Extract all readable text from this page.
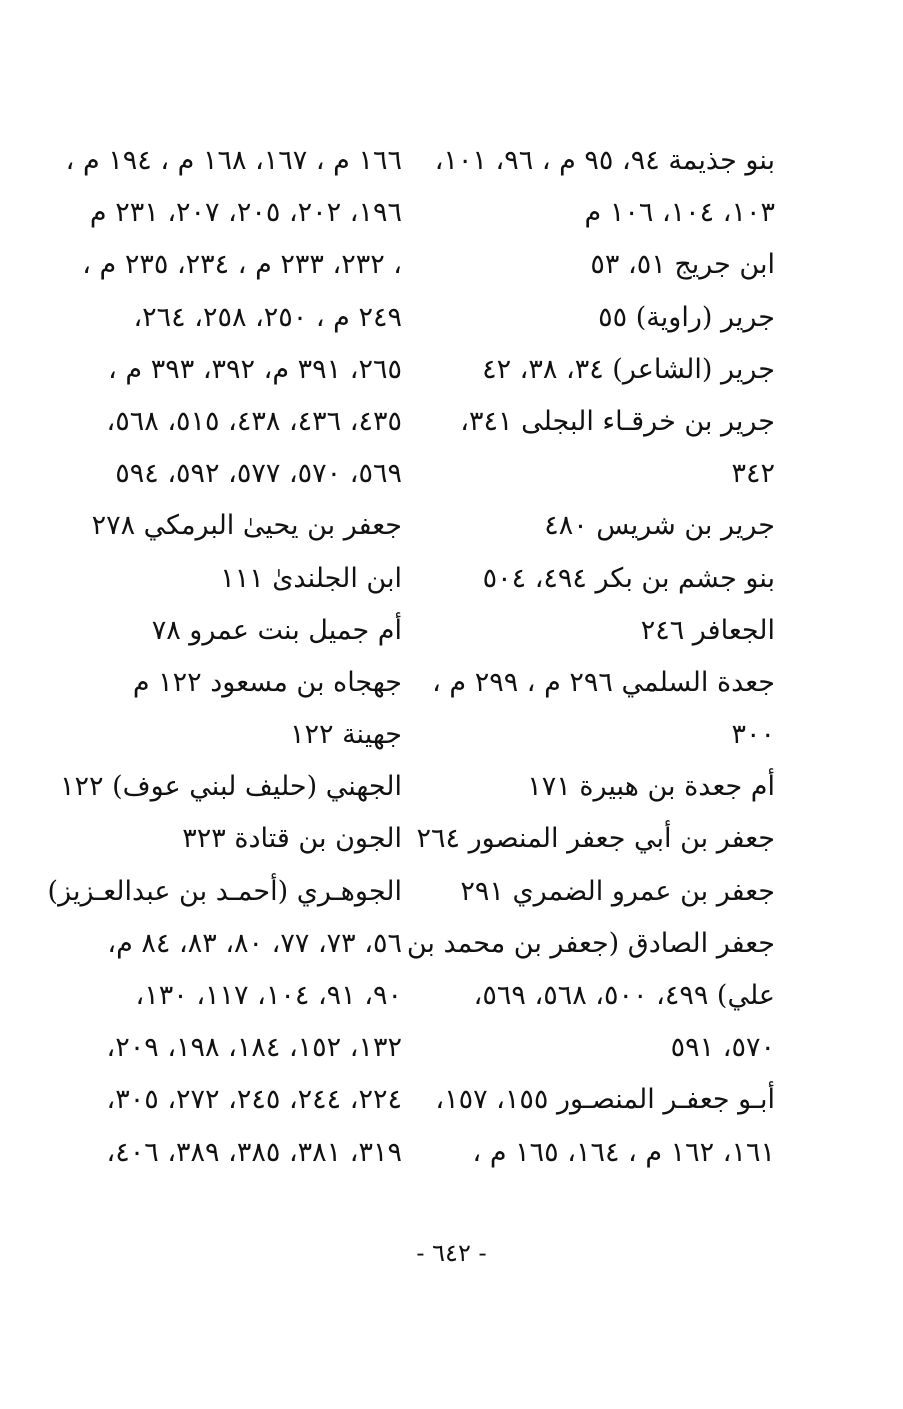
بنو جذيمة ٩٤، ٩٥ م ، ٩٦، ١٠١،
١٠٣، ١٠٤، ١٠٦ م
ابن جريج ٥١، ٥٣
جرير (راوية) ٥٥
جرير (الشاعر) ٣٤، ٣٨، ٤٢
جرير بن خرقـاء البجلى ٣٤١،
٣٤٢
جرير بن شريس ٤٨٠
بنو جشم بن بكر ٤٩٤، ٥٠٤
الجعافر ٢٤٦
جعدة السلمي ٢٩٦ م ، ٢٩٩ م ،
٣٠٠
أم جعدة بن هبيرة ١٧١
جعفر بن أبي جعفر المنصور ٢٦٤
جعفر بن عمرو الضمري ٢٩١
جعفر الصادق (جعفر بن محمد بن
علي) ٤٩٩، ٥٠٠، ٥٦٨، ٥٦٩،
٥٧٠، ٥٩١
أبـو جعفـر المنصـور ١٥٥، ١٥٧،
١٦١، ١٦٢ م ، ١٦٤، ١٦٥ م ،
١٦٦ م ، ١٦٧، ١٦٨ م ، ١٩٤ م ،
١٩٦، ٢٠٢، ٢٠٥، ٢٠٧، ٢٣١ م
، ٢٣٢، ٢٣٣ م ، ٢٣٤، ٢٣٥ م ،
٢٤٩ م ، ٢٥٠، ٢٥٨، ٢٦٤،
٢٦٥، ٣٩١ م، ٣٩٢، ٣٩٣ م ،
٤٣٥، ٤٣٦، ٤٣٨، ٥١٥، ٥٦٨،
٥٦٩، ٥٧٠، ٥٧٧، ٥٩٢، ٥٩٤
جعفر بن يحيىٰ البرمكي ٢٧٨
ابن الجلندىٰ ١١١
أم جميل بنت عمرو ٧٨
جهجاه بن مسعود ١٢٢ م
جهينة ١٢٢
الجهني (حليف لبني عوف) ١٢٢
الجون بن قتادة ٣٢٣
الجوهـري (أحمـد بن عبدالعـزيز)
٥٦، ٧٣، ٧٧، ٨٠، ٨٣، ٨٤ م،
٩٠، ٩١، ١٠٤، ١١٧، ١٣٠،
١٣٢، ١٥٢، ١٨٤، ١٩٨، ٢٠٩،
٢٢٤، ٢٤٤، ٢٤٥، ٢٧٢، ٣٠٥،
٣١٩، ٣٨١، ٣٨٥، ٣٨٩، ٤٠٦،
- ٦٤٢ -
